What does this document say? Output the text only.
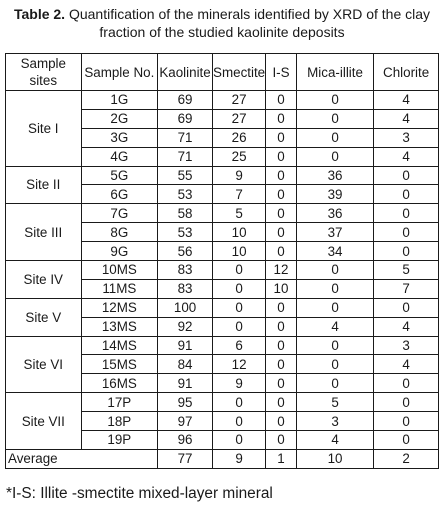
Table 2. Quantification of the minerals identified by XRD of the clay
fraction of the studied kaolinite deposits
Sample sites	Sample No.	Kaolinite	Smectite	I-S	Mica-illite	Chlorite
Site I	1G	69	27	0	0	4
	2G	69	27	0	0	4
	3G	71	26	0	0	3
	4G	71	25	0	0	4
Site II	5G	55	9	0	36	0
	6G	53	7	0	39	0
Site III	7G	58	5	0	36	0
	8G	53	10	0	37	0
	9G	56	10	0	34	0
Site IV	10MS	83	0	12	0	5
	11MS	83	0	10	0	7
Site V	12MS	100	0	0	0	0
	13MS	92	0	0	4	4
Site VI	14MS	91	6	0	0	3
	15MS	84	12	0	0	4
	16MS	91	9	0	0	0
Site VII	17P	95	0	0	5	0
	18P	97	0	0	3	0
	19P	96	0	0	4	0
Average		77	9	1	10	2
*I-S: Illite -smectite mixed-layer mineral
